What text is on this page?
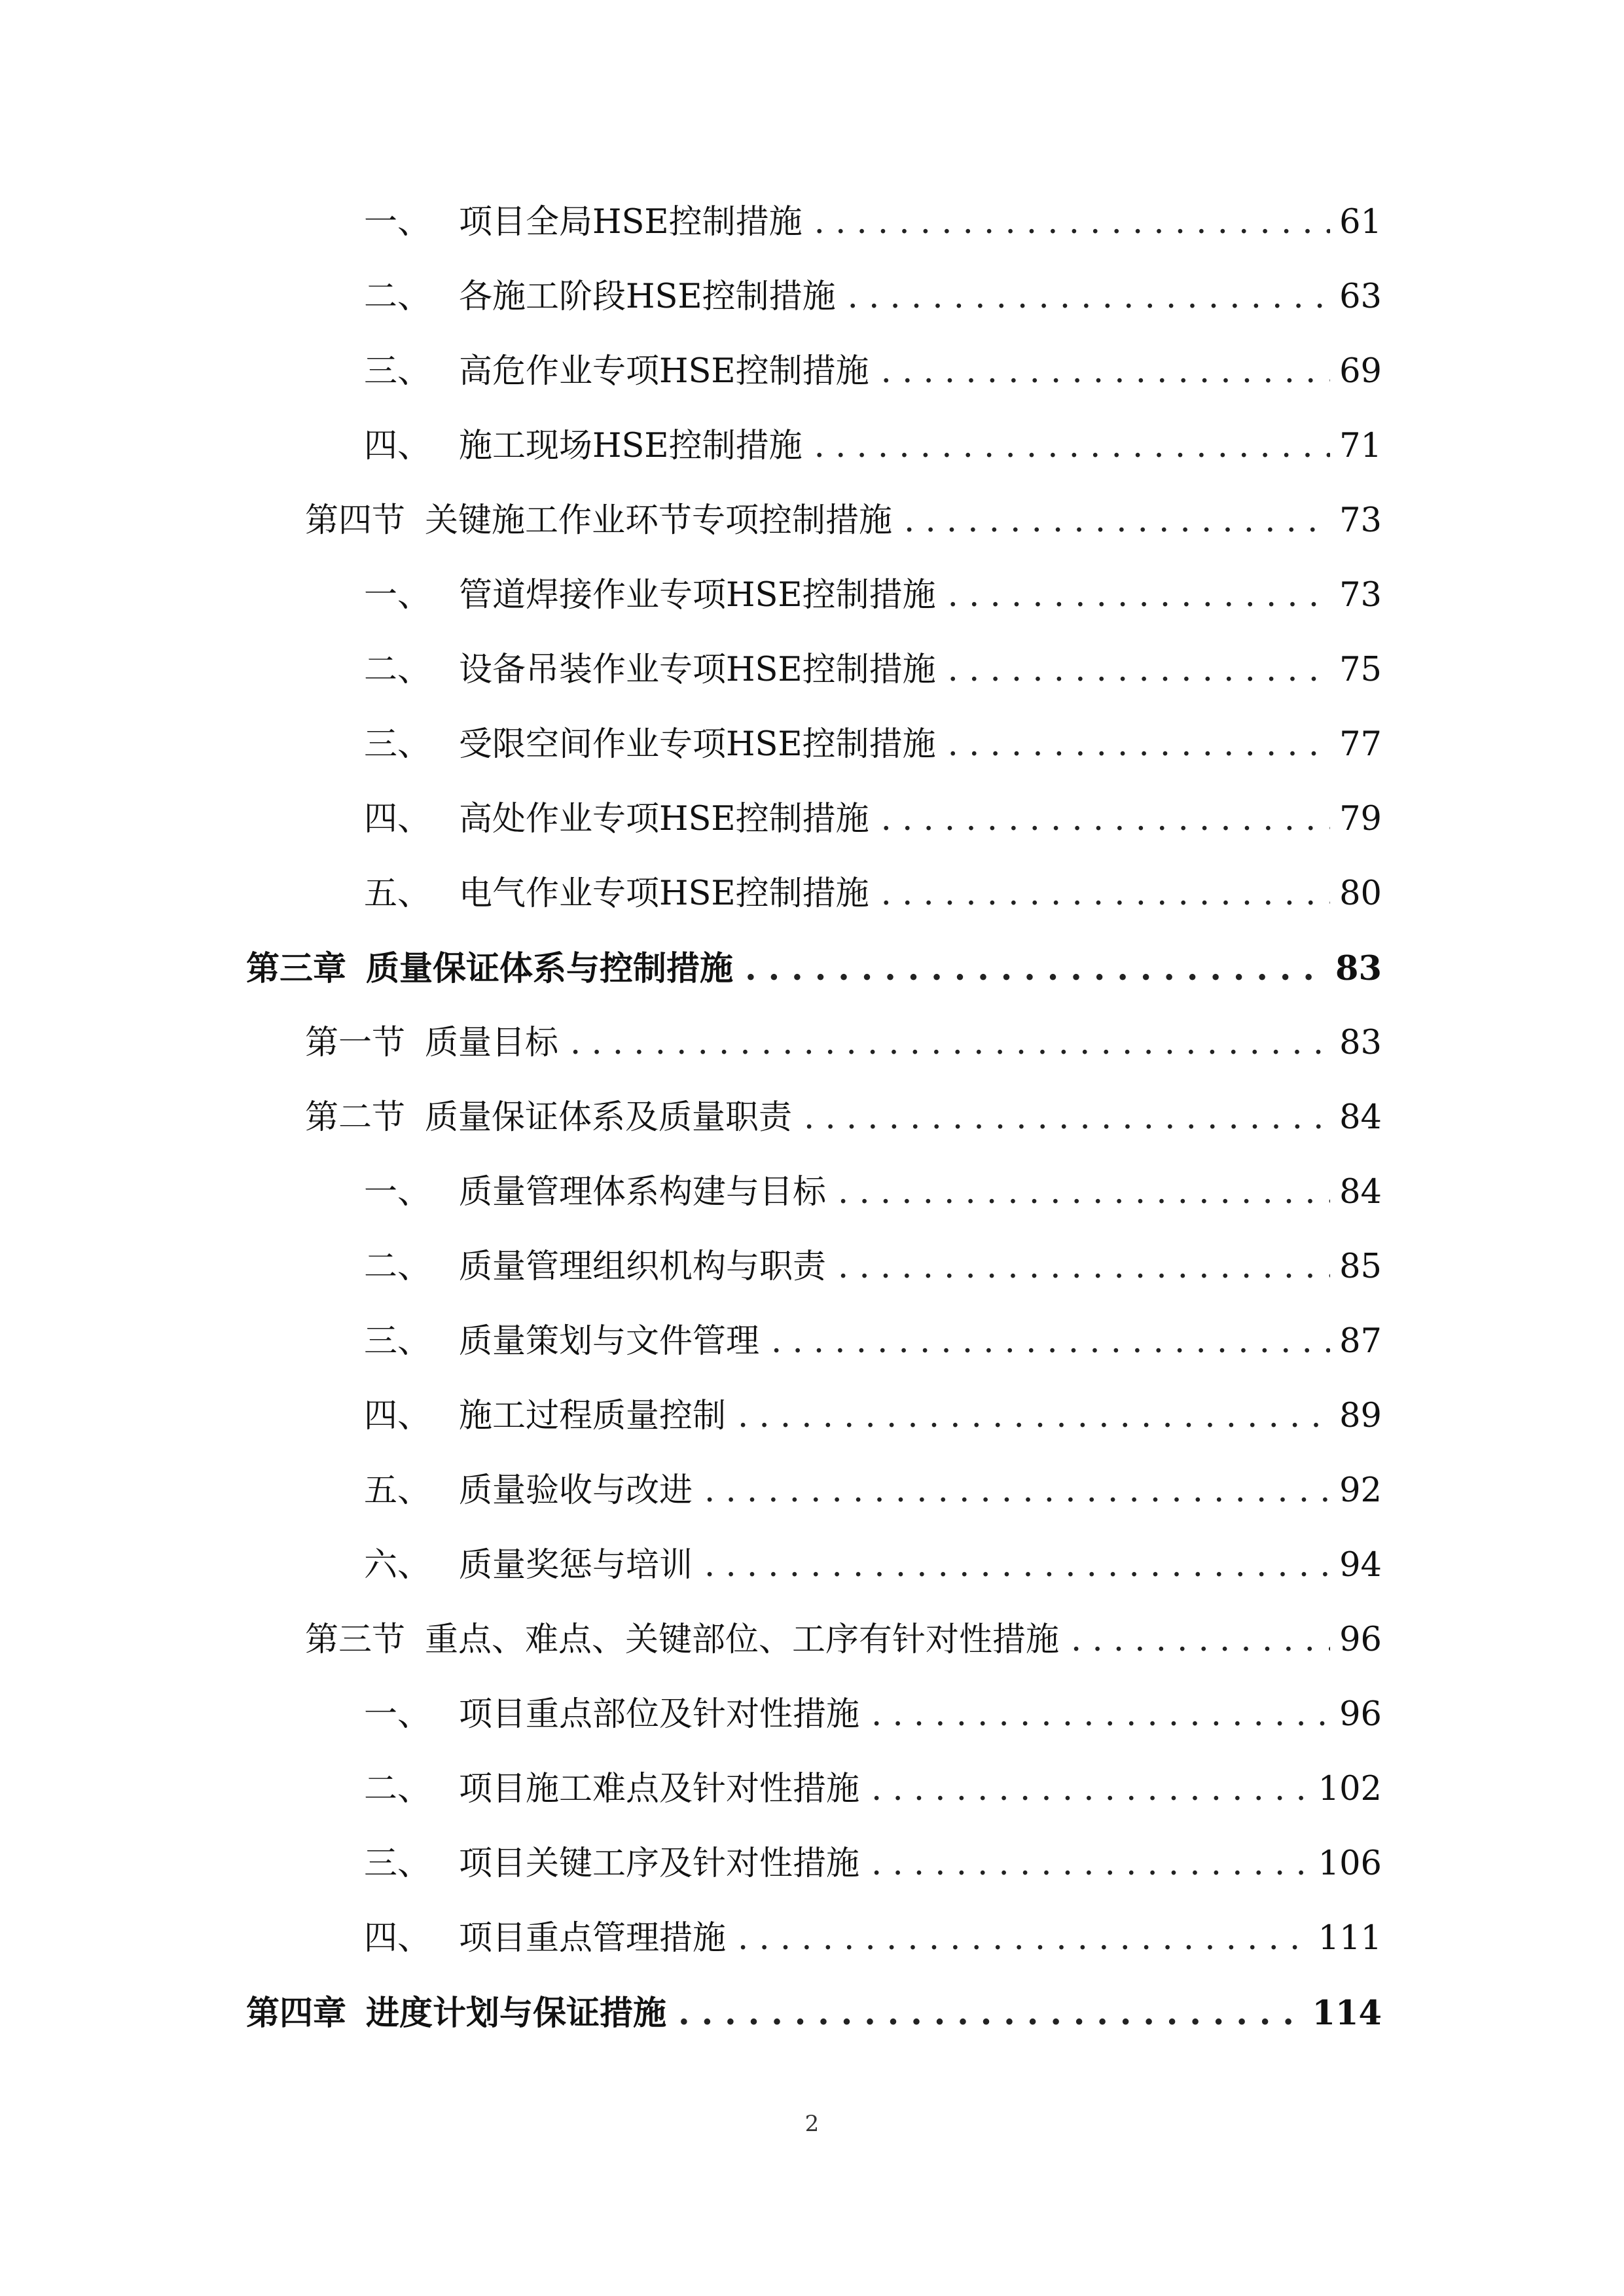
一、 项目全局HSE控制措施 . . .	61
二、 各施工阶段HSE控制措施 . . .	63
三、 高危作业专项HSE控制措施 . . .	69
四、 施工现场HSE控制措施 . . .	71
第四节 关键施工作业环节专项控制措施 . . .	73
一、 管道焊接作业专项HSE控制措施 . . .	73
二、 设备吊装作业专项HSE控制措施 . . .	75
三、 受限空间作业专项HSE控制措施 . . .	77
四、 高处作业专项HSE控制措施 . . .	79
五、 电气作业专项HSE控制措施 . . .	80
第三章 质量保证体系与控制措施 . . .	83
第一节 质量目标 . . .	83
第二节 质量保证体系及质量职责 . . .	84
一、 质量管理体系构建与目标 . . .	84
二、 质量管理组织机构与职责 . . .	85
三、 质量策划与文件管理 . . .	87
四、 施工过程质量控制 . . .	89
五、 质量验收与改进 . . .	92
六、 质量奖惩与培训 . . .	94
第三节 重点、难点、关键部位、工序有针对性措施 . . .	96
一、 项目重点部位及针对性措施 . . .	96
二、 项目施工难点及针对性措施 . . .	102
三、 项目关键工序及针对性措施 . . .	106
四、 项目重点管理措施 . . .	111
第四章 进度计划与保证措施 . . .	114
2
